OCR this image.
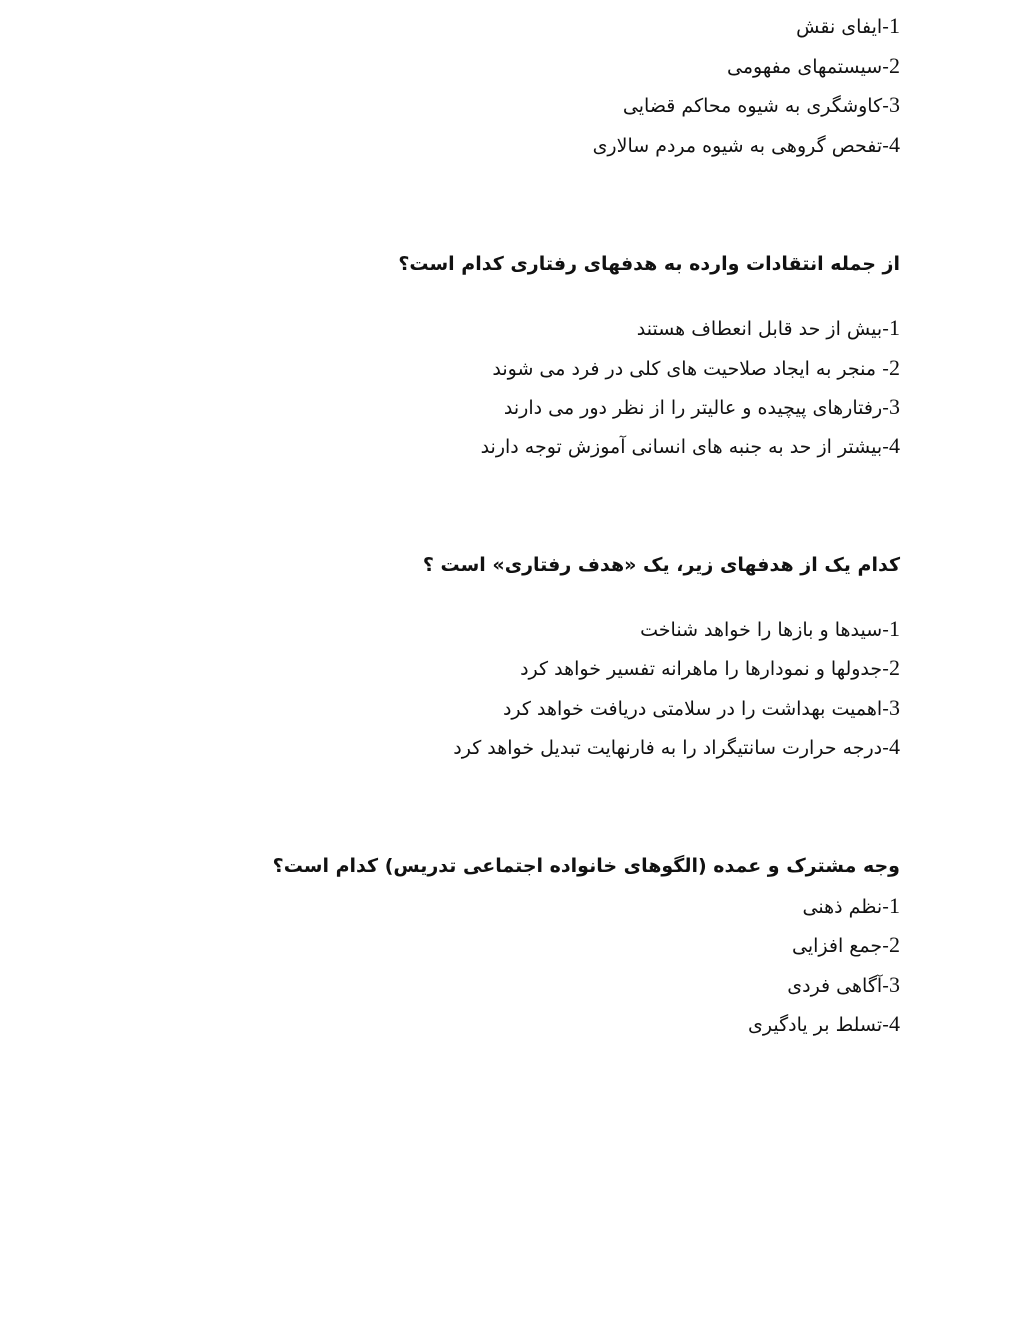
1-ایفای نقش
2-سیستمهای مفهومی
3-کاوشگری به شیوه محاکم قضایی
4-تفحص گروهی به شیوه مردم سالاری
از جمله انتقادات وارده به هدفهای رفتاری کدام است؟
1-بیش از حد قابل انعطاف هستند
2- منجر به ایجاد صلاحیت های کلی در فرد می شوند
3-رفتارهای پیچیده و عالیتر را از نظر دور می دارند
4-بیشتر از حد به جنبه های انسانی آموزش توجه دارند
کدام یک از هدفهای زیر، یک «هدف رفتاری» است ؟
1-سیدها و بازها را خواهد شناخت
2-جدولها و نمودارها را ماهرانه تفسیر خواهد کرد
3-اهمیت بهداشت را در سلامتی دریافت خواهد کرد
4-درجه حرارت سانتیگراد را به فارنهایت تبدیل خواهد کرد
وجه مشترک و عمده (الگوهای خانواده اجتماعی تدریس) کدام است؟
1-نظم ذهنی
2-جمع افزایی
3-آگاهی فردی
4-تسلط بر یادگیری
